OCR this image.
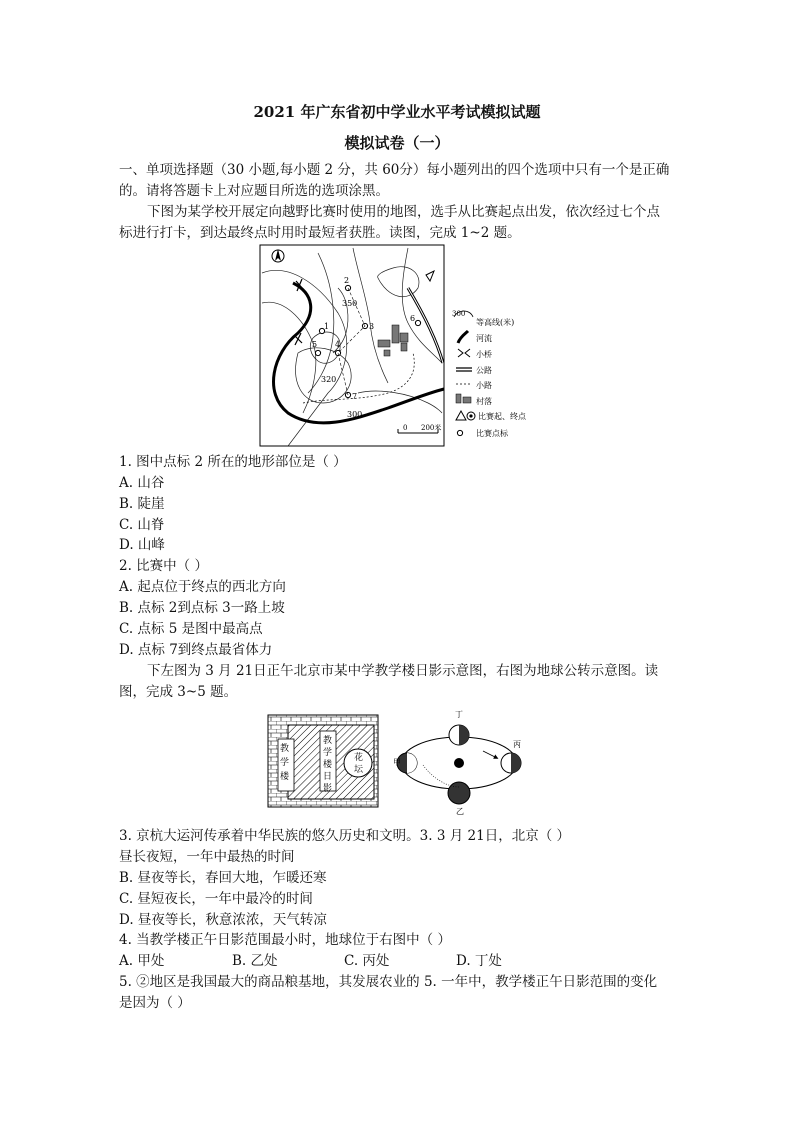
2021 年广东省初中学业水平考试模拟试题
模拟试卷（一）
一、单项选择题（30 小题,每小题 2 分，共 60分）每小题列出的四个选项中只有一个是正确
的。请将答题卡上对应题目所选的选项涂黑。
下图为某学校开展定向越野比赛时使用的地图，选手从比赛起点出发，依次经过七个点
标进行打卡，到达最终点时用时最短者获胜。读图，完成 1~2 题。
1
2
3
4
5
6
7
350
320
300
0 200米
300
等高线(米)
河流
小桥
公路
小路
村落
比赛起、终点
比赛点标
1. 图中点标 2 所在的地形部位是（ ）
A. 山谷
B. 陡崖
C. 山脊
D. 山峰
2. 比赛中（ ）
A. 起点位于终点的西北方向
B. 点标 2到点标 3一路上坡
C. 点标 5 是图中最高点
D. 点标 7到终点最省体力
下左图为 3 月 21日正午北京市某中学教学楼日影示意图，右图为地球公转示意图。读
图，完成 3~5 题。
教
学
楼
教
学
楼
日
影
花
坛
丁
甲
乙
丙
3. 京杭大运河传承着中华民族的悠久历史和文明。3. 3 月 21日，北京（ ）
昼长夜短，一年中最热的时间
B. 昼夜等长，春回大地，乍暖还寒
C. 昼短夜长，一年中最冷的时间
D. 昼夜等长，秋意浓浓，天气转凉
4. 当教学楼正午日影范围最小时，地球位于右图中（ ）
A. 甲处	B. 乙处	C. 丙处	D. 丁处
5. ②地区是我国最大的商品粮基地，其发展农业的 5. 一年中，教学楼正午日影范围的变化
是因为（ ）
